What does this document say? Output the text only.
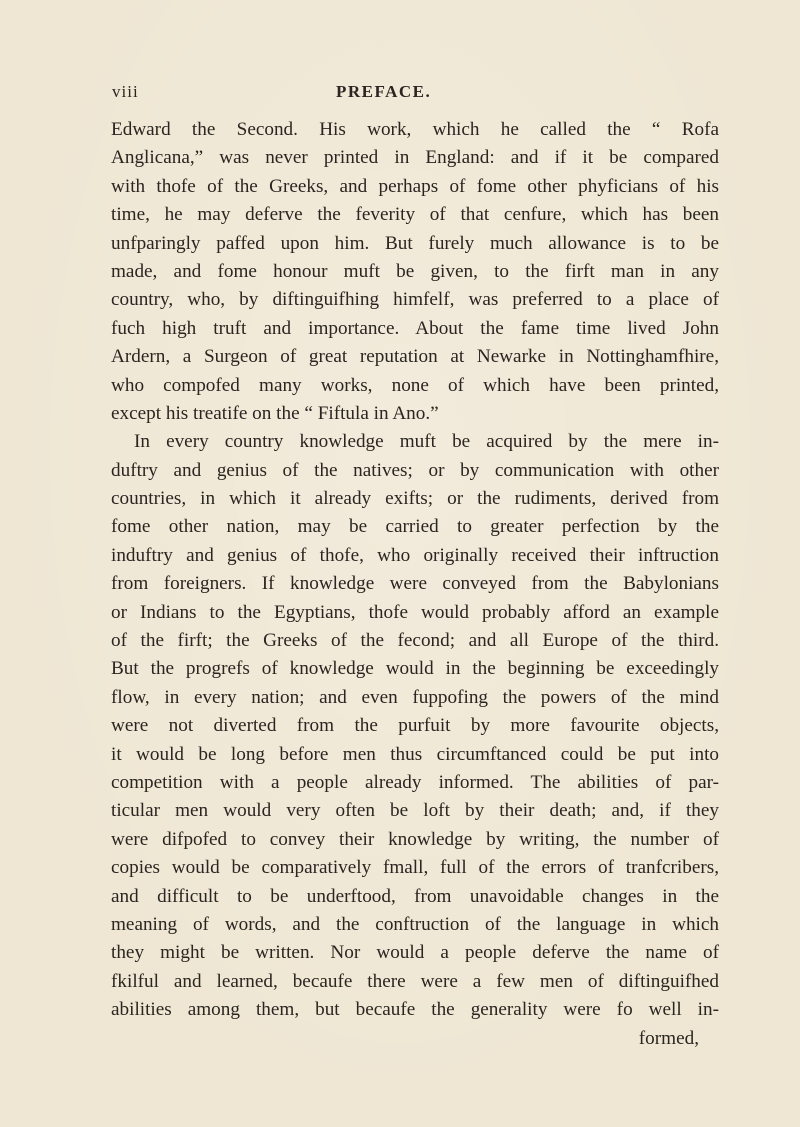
viii	PREFACE.
Edward the Second. His work, which he called the “ Rofa
Anglicana,” was never printed in England: and if it be compared
with thofe of the Greeks, and perhaps of fome other phyficians of his
time, he may deferve the feverity of that cenfure, which has been
unfparingly paffed upon him. But furely much allowance is to be
made, and fome honour muft be given, to the firft man in any
country, who, by diftinguifhing himfelf, was preferred to a place of
fuch high truft and importance. About the fame time lived John
Ardern, a Surgeon of great reputation at Newarke in Nottinghamfhire,
who compofed many works, none of which have been printed,
except his treatife on the “ Fiftula in Ano.”
In every country knowledge muft be acquired by the mere in-
duftry and genius of the natives; or by communication with other
countries, in which it already exifts; or the rudiments, derived from
fome other nation, may be carried to greater perfection by the
induftry and genius of thofe, who originally received their inftruction
from foreigners. If knowledge were conveyed from the Babylonians
or Indians to the Egyptians, thofe would probably afford an example
of the firft; the Greeks of the fecond; and all Europe of the third.
But the progrefs of knowledge would in the beginning be exceedingly
flow, in every nation; and even fuppofing the powers of the mind
were not diverted from the purfuit by more favourite objects,
it would be long before men thus circumftanced could be put into
competition with a people already informed. The abilities of par-
ticular men would very often be loft by their death; and, if they
were difpofed to convey their knowledge by writing, the number of
copies would be comparatively fmall, full of the errors of tranfcribers,
and difficult to be underftood, from unavoidable changes in the
meaning of words, and the conftruction of the language in which
they might be written. Nor would a people deferve the name of
fkilful and learned, becaufe there were a few men of diftinguifhed
abilities among them, but becaufe the generality were fo well in-
formed,
